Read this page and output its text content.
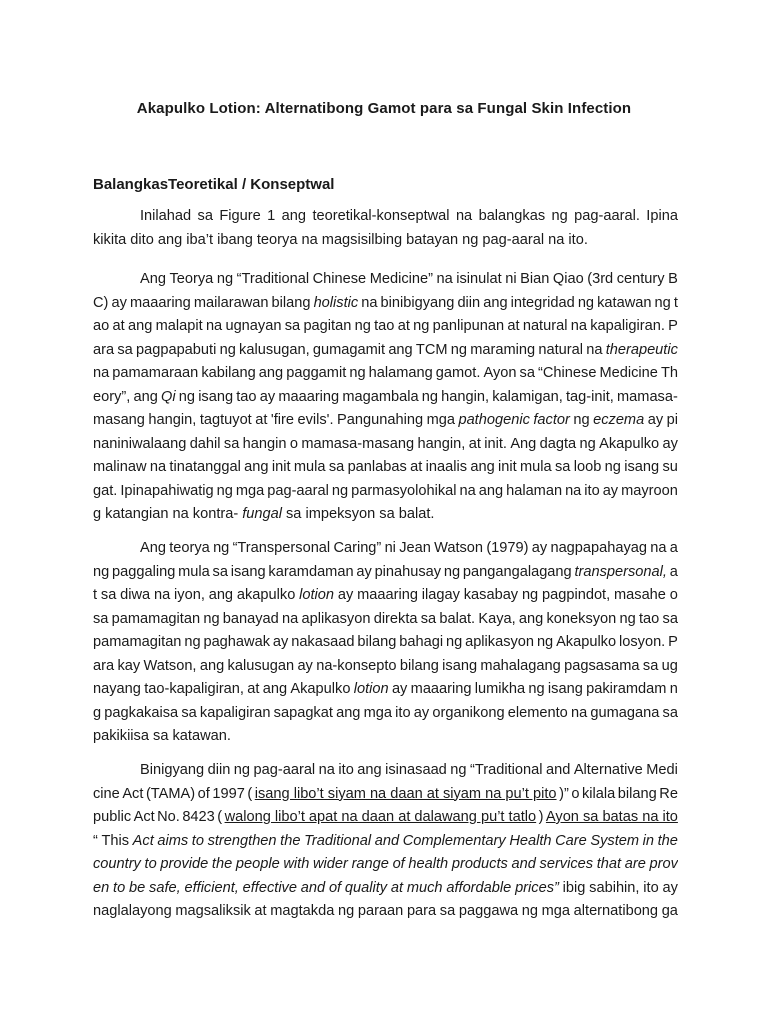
Akapulko Lotion: Alternatibong Gamot para sa Fungal Skin Infection
BalangkasTeoretikal / Konseptwal
Inilahad sa Figure 1 ang teoretikal-konseptwal na balangkas ng pag-aaral. Ipina
kikita dito ang iba’t ibang teorya na magsisilbing batayan ng pag-aaral na ito.
Ang Teorya ng “Traditional Chinese Medicine” na isinulat ni Bian Qiao (3rd century B
C) ay maaaring mailarawan bilang holistic na binibigyang diin ang integridad ng katawan ng t
ao at ang malapit na ugnayan sa pagitan ng tao at ng panlipunan at natural na kapaligiran. P
ara sa pagpapabuti ng kalusugan, gumagamit ang TCM ng maraming natural na therapeutic
na pamamaraan kabilang ang paggamit ng halamang gamot. Ayon sa “Chinese Medicine Th
eory”, ang Qi ng isang tao ay maaaring magambala ng hangin, kalamigan, tag-init, mamasa-
masang hangin, tagtuyot at 'fire evils'. Pangunahing mga pathogenic factor ng eczema ay pi
naniniwalaang dahil sa hangin o mamasa-masang hangin, at init. Ang dagta ng Akapulko ay
malinaw na tinatanggal ang init mula sa panlabas at inaalis ang init mula sa loob ng isang su
gat. Ipinapahiwatig ng mga pag-aaral ng parmasyolohikal na ang halaman na ito ay mayroon
g katangian na kontra- fungal sa impeksyon sa balat.
Ang teorya ng “Transpersonal Caring” ni Jean Watson (1979) ay nagpapahayag na a
ng paggaling mula sa isang karamdaman ay pinahusay ng pangangalagang transpersonal, a
t sa diwa na iyon, ang akapulko lotion ay maaaring ilagay kasabay ng pagpindot, masahe o
sa pamamagitan ng banayad na aplikasyon direkta sa balat. Kaya, ang koneksyon ng tao sa
pamamagitan ng paghawak ay nakasaad bilang bahagi ng aplikasyon ng Akapulko losyon. P
ara kay Watson, ang kalusugan ay na-konsepto bilang isang mahalagang pagsasama sa ug
nayang tao-kapaligiran, at ang Akapulko lotion ay maaaring lumikha ng isang pakiramdam n
g pagkakaisa sa kapaligiran sapagkat ang mga ito ay organikong elemento na gumagana sa
pakikiisa sa katawan.
Binigyang diin ng pag-aaral na ito ang isinasaad ng “Traditional and Alternative Medi
cine Act (TAMA) of 1997 ( isang libo’t siyam na daan at siyam na pu’t pito )” o kilala bilang Re
public Act No. 8423 ( walong libo’t apat na daan at dalawang pu’t tatlo ) Ayon sa batas na ito
“ This Act aims to strengthen the Traditional and Complementary Health Care System in the
country to provide the people with wider range of health products and services that are prov
en to be safe, efficient, effective and of quality at much affordable prices” ibig sabihin, ito ay
naglalayong magsaliksik at magtakda ng paraan para sa paggawa ng mga alternatibong ga
